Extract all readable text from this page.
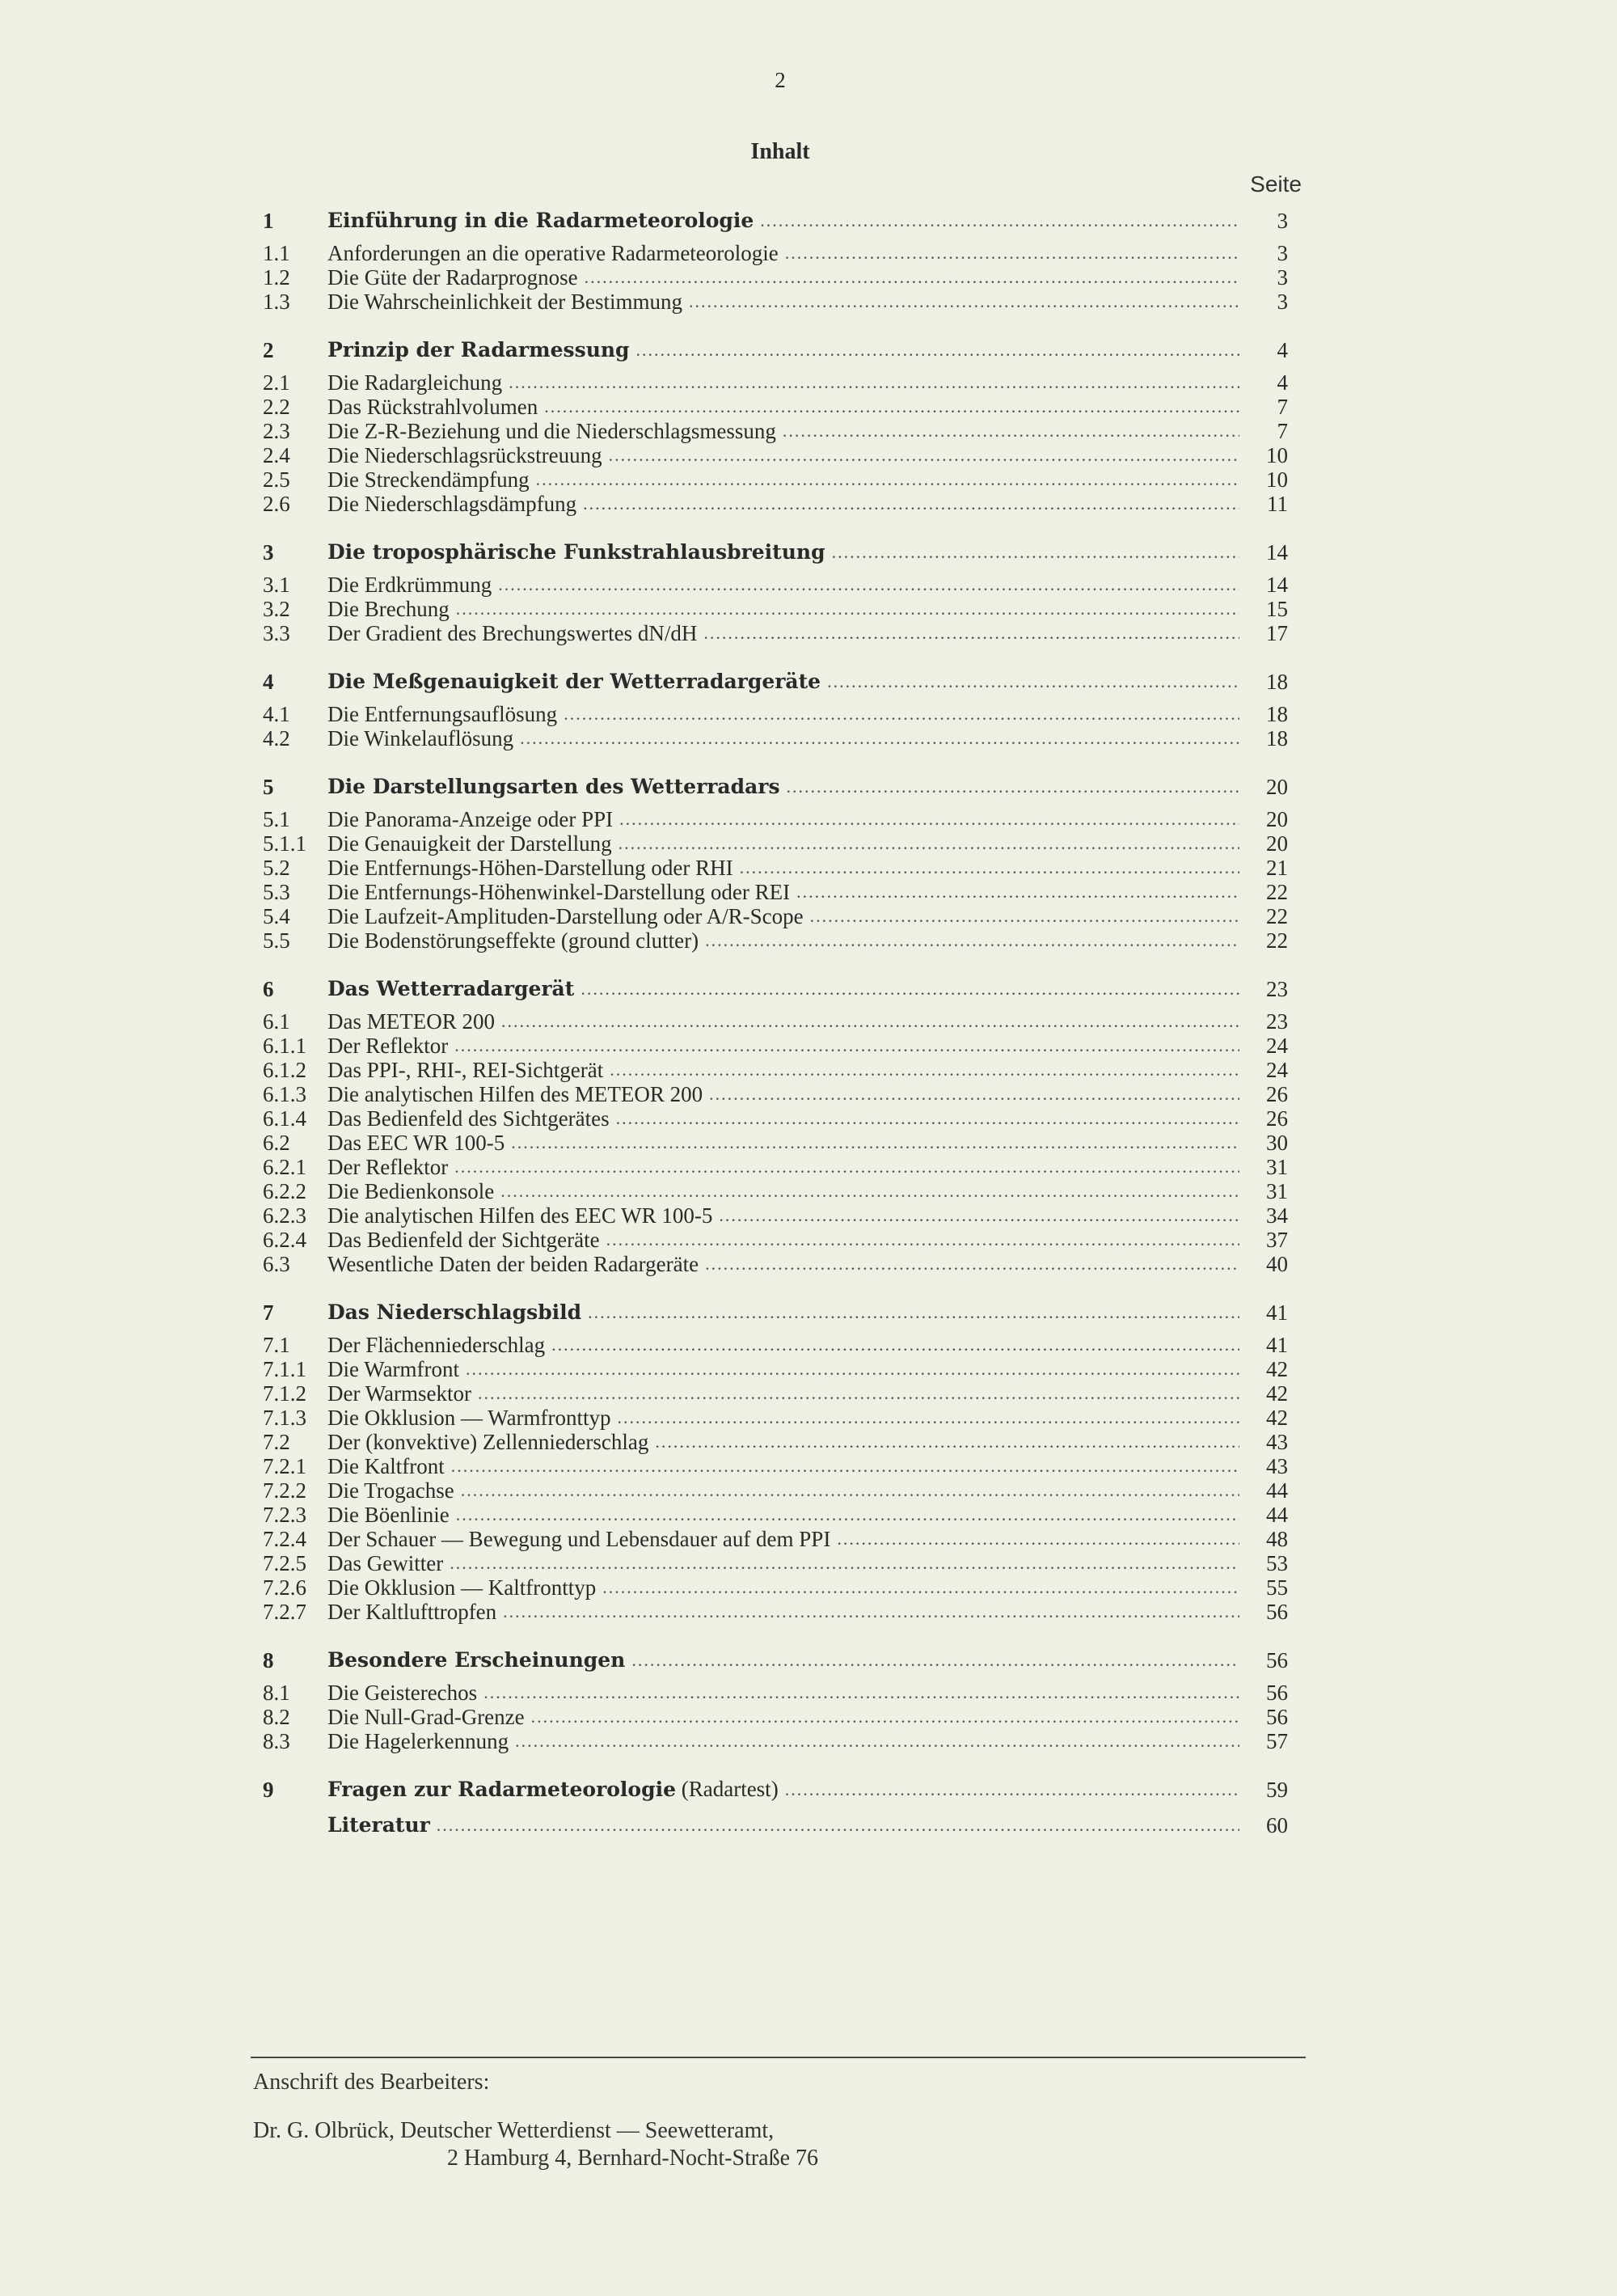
2
Inhalt
Seite
1	Einführung in die Radarmeteorologie .....	3
1.1	Anforderungen an die operative Radarmeteorologie .....	3
1.2	Die Güte der Radarprognose .....	3
1.3	Die Wahrscheinlichkeit der Bestimmung .....	3
2	Prinzip der Radarmessung .....	4
2.1	Die Radargleichung .....	4
2.2	Das Rückstrahlvolumen .....	7
2.3	Die Z-R-Beziehung und die Niederschlagsmessung .....	7
2.4	Die Niederschlagsrückstreuung .....	10
2.5	Die Streckendämpfung .....	10
2.6	Die Niederschlagsdämpfung .....	11
3	Die troposphärische Funkstrahlausbreitung .....	14
3.1	Die Erdkrümmung .....	14
3.2	Die Brechung .....	15
3.3	Der Gradient des Brechungswertes dN/dH .....	17
4	Die Meßgenauigkeit der Wetterradargeräte .....	18
4.1	Die Entfernungsauflösung .....	18
4.2	Die Winkelauflösung .....	18
5	Die Darstellungsarten des Wetterradars .....	20
5.1	Die Panorama-Anzeige oder PPI .....	20
5.1.1 Die Genauigkeit der Darstellung .....	20
5.2	Die Entfernungs-Höhen-Darstellung oder RHI .....	21
5.3	Die Entfernungs-Höhenwinkel-Darstellung oder REI .....	22
5.4	Die Laufzeit-Amplituden-Darstellung oder A/R-Scope .....	22
5.5	Die Bodenstörungseffekte (ground clutter) .....	22
6	Das Wetterradargerät .....	23
6.1	Das METEOR 200 .....	23
6.1.1 Der Reflektor .....	24
6.1.2 Das PPI-, RHI-, REI-Sichtgerät .....	24
6.1.3 Die analytischen Hilfen des METEOR 200 .....	26
6.1.4 Das Bedienfeld des Sichtgerätes .....	26
6.2	Das EEC WR 100-5 .....	30
6.2.1 Der Reflektor .....	31
6.2.2 Die Bedienkonsole .....	31
6.2.3 Die analytischen Hilfen des EEC WR 100-5 .....	34
6.2.4 Das Bedienfeld der Sichtgeräte .....	37
6.3	Wesentliche Daten der beiden Radargeräte .....	40
7	Das Niederschlagsbild .....	41
7.1	Der Flächenniederschlag .....	41
7.1.1 Die Warmfront .....	42
7.1.2 Der Warmsektor .....	42
7.1.3 Die Okklusion — Warmfronttyp .....	42
7.2	Der (konvektive) Zellenniederschlag .....	43
7.2.1 Die Kaltfront .....	43
7.2.2 Die Trogachse .....	44
7.2.3 Die Böenlinie .....	44
7.2.4 Der Schauer — Bewegung und Lebensdauer auf dem PPI .....	48
7.2.5 Das Gewitter .....	53
7.2.6 Die Okklusion — Kaltfronttyp .....	55
7.2.7 Der Kaltlufttropfen .....	56
8	Besondere Erscheinungen .....	56
8.1	Die Geisterechos .....	56
8.2	Die Null-Grad-Grenze .....	56
8.3	Die Hagelerkennung .....	57
9	Fragen zur Radarmeteorologie (Radartest) .....	59
Literatur .....	60
Anschrift des Bearbeiters:
Dr. G. Olbrück, Deutscher Wetterdienst — Seewetteramt,
2 Hamburg 4, Bernhard-Nocht-Straße 76
